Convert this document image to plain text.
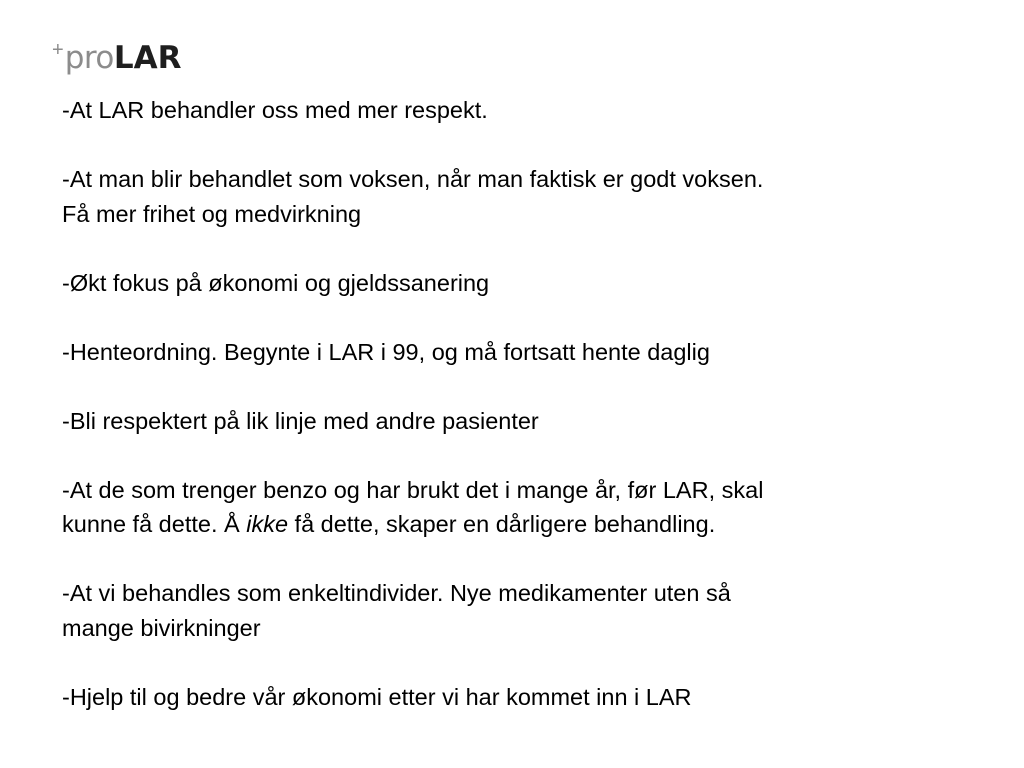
+ pro LAR

-At LAR behandler oss med mer respekt.

-At man blir behandlet som voksen, når man faktisk er godt voksen.
Få mer frihet og medvirkning

-Økt fokus på økonomi og gjeldssanering

-Henteordning. Begynte i LAR i 99, og må fortsatt hente daglig

-Bli respektert på lik linje med andre pasienter

-At de som trenger benzo og har brukt det i mange år, før LAR, skal
kunne få dette. Å ikke få dette, skaper en dårligere behandling.

-At vi behandles som enkeltindivider. Nye medikamenter uten så
mange bivirkninger

-Hjelp til og bedre vår økonomi etter vi har kommet inn i LAR
